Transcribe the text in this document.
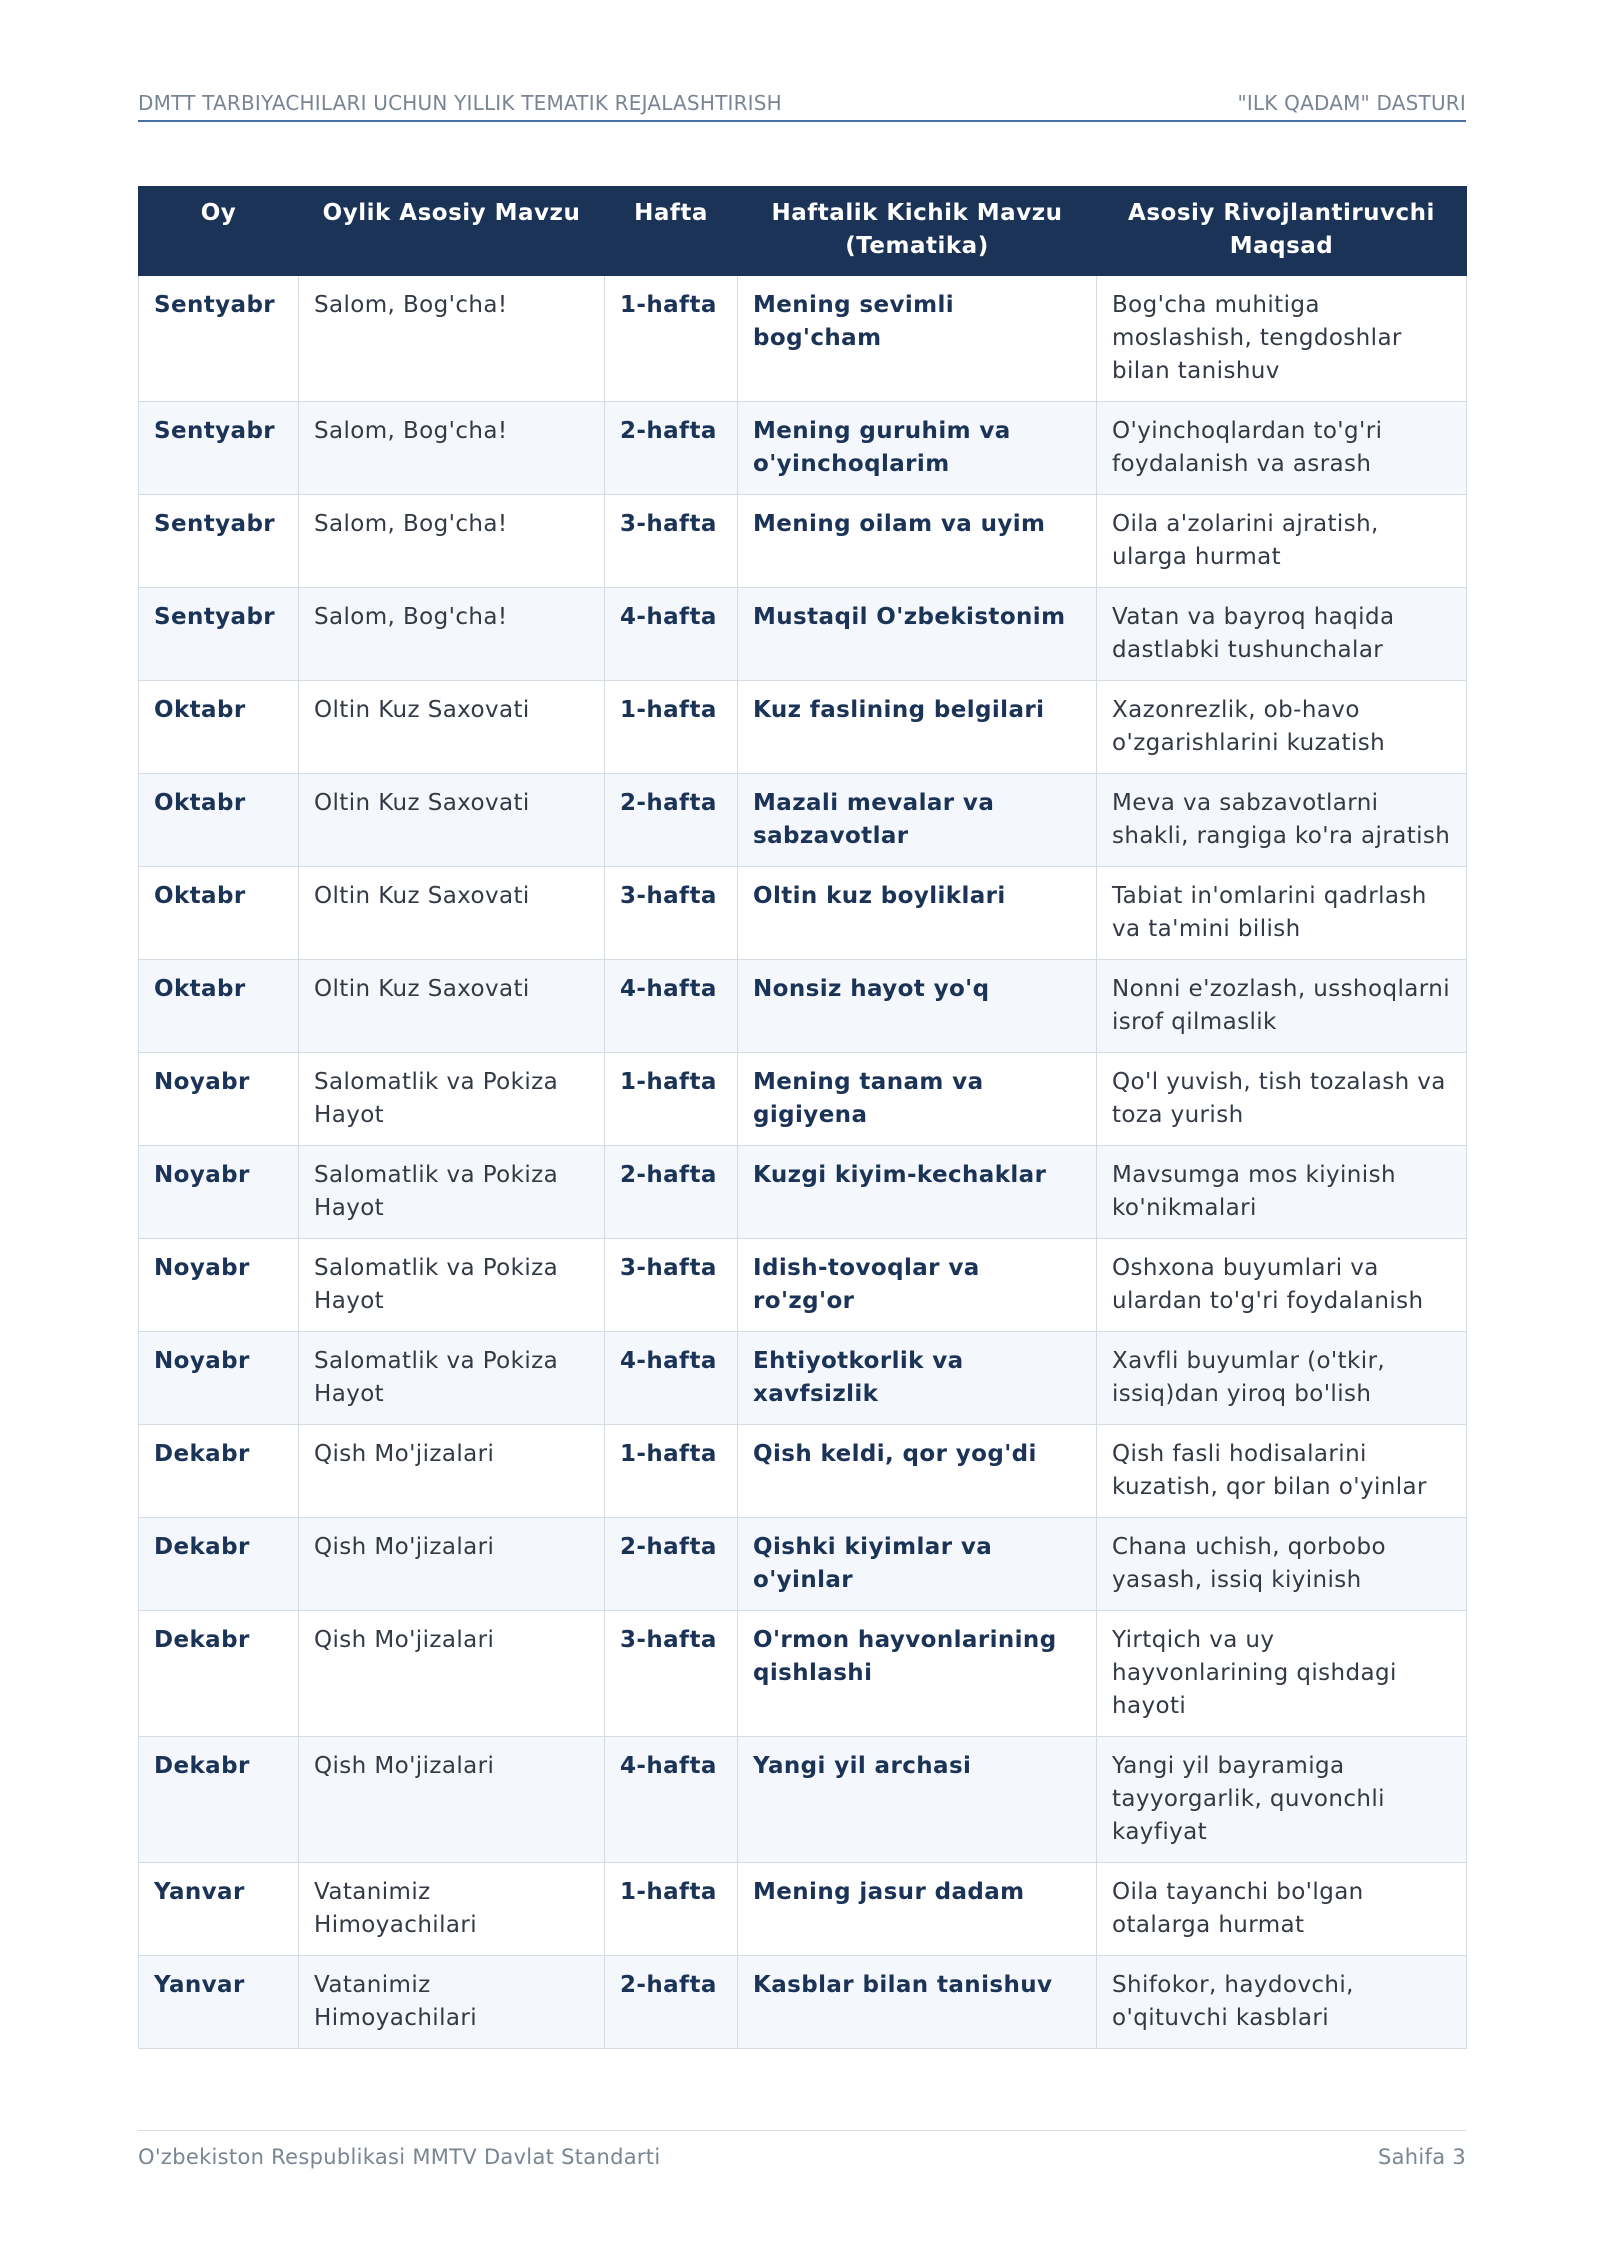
DMTT TARBIYACHILARI UCHUN YILLIK TEMATIK REJALASHTIRISH	"ILK QADAM" DASTURI
Oy	Oylik Asosiy Mavzu	Hafta	Haftalik Kichik Mavzu (Tematika)	Asosiy Rivojlantiruvchi Maqsad
Sentyabr	Salom, Bog'cha!	1-hafta	Mening sevimli bog'cham	Bog'cha muhitiga moslashish, tengdoshlar bilan tanishuv
Sentyabr	Salom, Bog'cha!	2-hafta	Mening guruhim va o'yinchoqlarim	O'yinchoqlardan to'g'ri foydalanish va asrash
Sentyabr	Salom, Bog'cha!	3-hafta	Mening oilam va uyim	Oila a'zolarini ajratish, ularga hurmat
Sentyabr	Salom, Bog'cha!	4-hafta	Mustaqil O'zbekistonim	Vatan va bayroq haqida dastlabki tushunchalar
Oktabr	Oltin Kuz Saxovati	1-hafta	Kuz faslining belgilari	Xazonrezlik, ob-havo o'zgarishlarini kuzatish
Oktabr	Oltin Kuz Saxovati	2-hafta	Mazali mevalar va sabzavotlar	Meva va sabzavotlarni shakli, rangiga ko'ra ajratish
Oktabr	Oltin Kuz Saxovati	3-hafta	Oltin kuz boyliklari	Tabiat in'omlarini qadrlash va ta'mini bilish
Oktabr	Oltin Kuz Saxovati	4-hafta	Nonsiz hayot yo'q	Nonni e'zozlash, usshoqlarni isrof qilmaslik
Noyabr	Salomatlik va Pokiza Hayot	1-hafta	Mening tanam va gigiyena	Qo'l yuvish, tish tozalash va toza yurish
Noyabr	Salomatlik va Pokiza Hayot	2-hafta	Kuzgi kiyim-kechaklar	Mavsumga mos kiyinish ko'nikmalari
Noyabr	Salomatlik va Pokiza Hayot	3-hafta	Idish-tovoqlar va ro'zg'or	Oshxona buyumlari va ulardan to'g'ri foydalanish
Noyabr	Salomatlik va Pokiza Hayot	4-hafta	Ehtiyotkorlik va xavfsizlik	Xavfli buyumlar (o'tkir, issiq)dan yiroq bo'lish
Dekabr	Qish Mo'jizalari	1-hafta	Qish keldi, qor yog'di	Qish fasli hodisalarini kuzatish, qor bilan o'yinlar
Dekabr	Qish Mo'jizalari	2-hafta	Qishki kiyimlar va o'yinlar	Chana uchish, qorbobo yasash, issiq kiyinish
Dekabr	Qish Mo'jizalari	3-hafta	O'rmon hayvonlarining qishlashi	Yirtqich va uy hayvonlarining qishdagi hayoti
Dekabr	Qish Mo'jizalari	4-hafta	Yangi yil archasi	Yangi yil bayramiga tayyorgarlik, quvonchli kayfiyat
Yanvar	Vatanimiz Himoyachilari	1-hafta	Mening jasur dadam	Oila tayanchi bo'lgan otalarga hurmat
Yanvar	Vatanimiz Himoyachilari	2-hafta	Kasblar bilan tanishuv	Shifokor, haydovchi, o'qituvchi kasblari
O'zbekiston Respublikasi MMTV Davlat Standarti	Sahifa 3
